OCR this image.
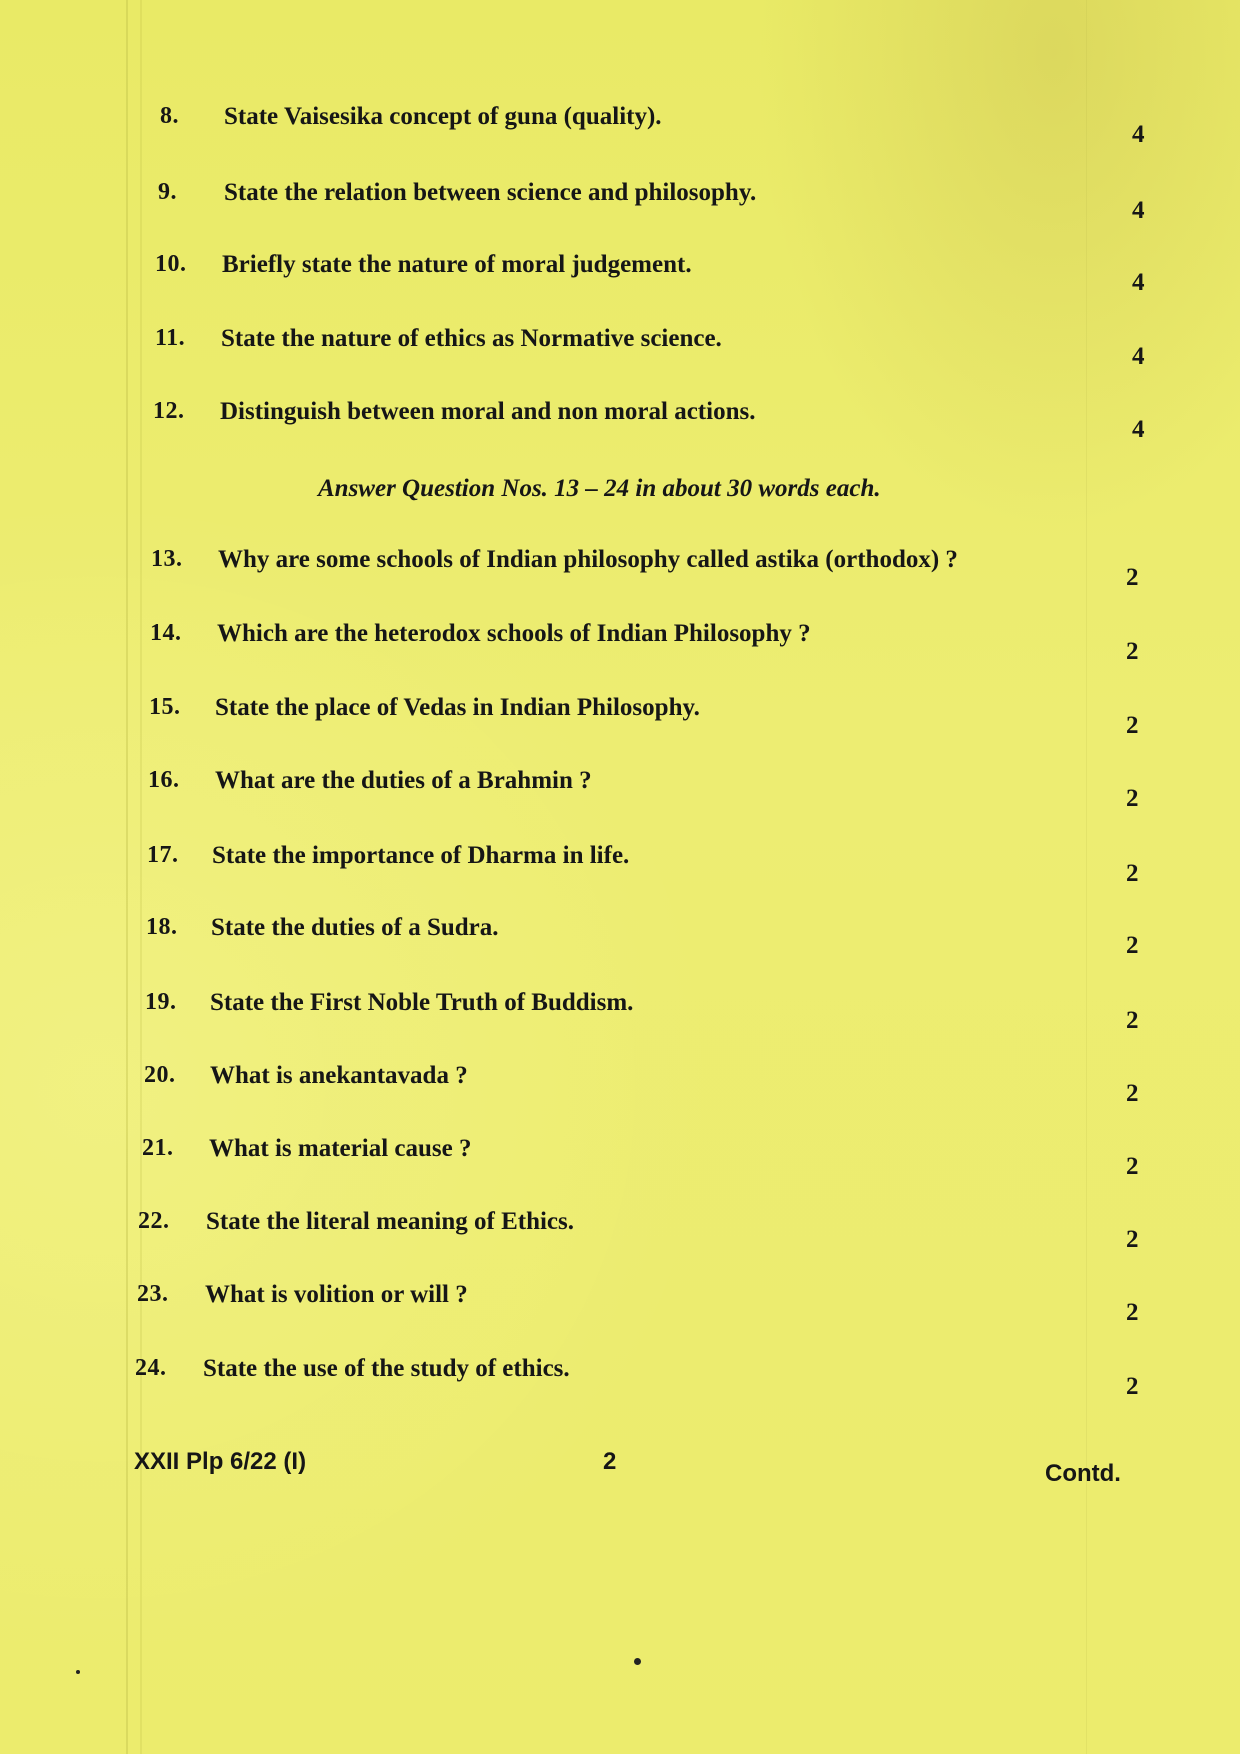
8. State Vaisesika concept of guna (quality).
4
9. State the relation between science and philosophy.
4
10. Briefly state the nature of moral judgement.
4
11. State the nature of ethics as Normative science.
4
12. Distinguish between moral and non moral actions.
4
Answer Question Nos. 13 – 24 in about 30 words each.
13. Why are some schools of Indian philosophy called astika (orthodox) ?
2
14. Which are the heterodox schools of Indian Philosophy ?
2
15. State the place of Vedas in Indian Philosophy.
2
16. What are the duties of a Brahmin ?
2
17. State the importance of Dharma in life.
2
18. State the duties of a Sudra.
2
19. State the First Noble Truth of Buddism.
2
20. What is anekantavada ?
2
21. What is material cause ?
2
22. State the literal meaning of Ethics.
2
23. What is volition or will ?
2
24. State the use of the study of ethics.
2
XXII Plp 6/22 (I)	2	Contd.
